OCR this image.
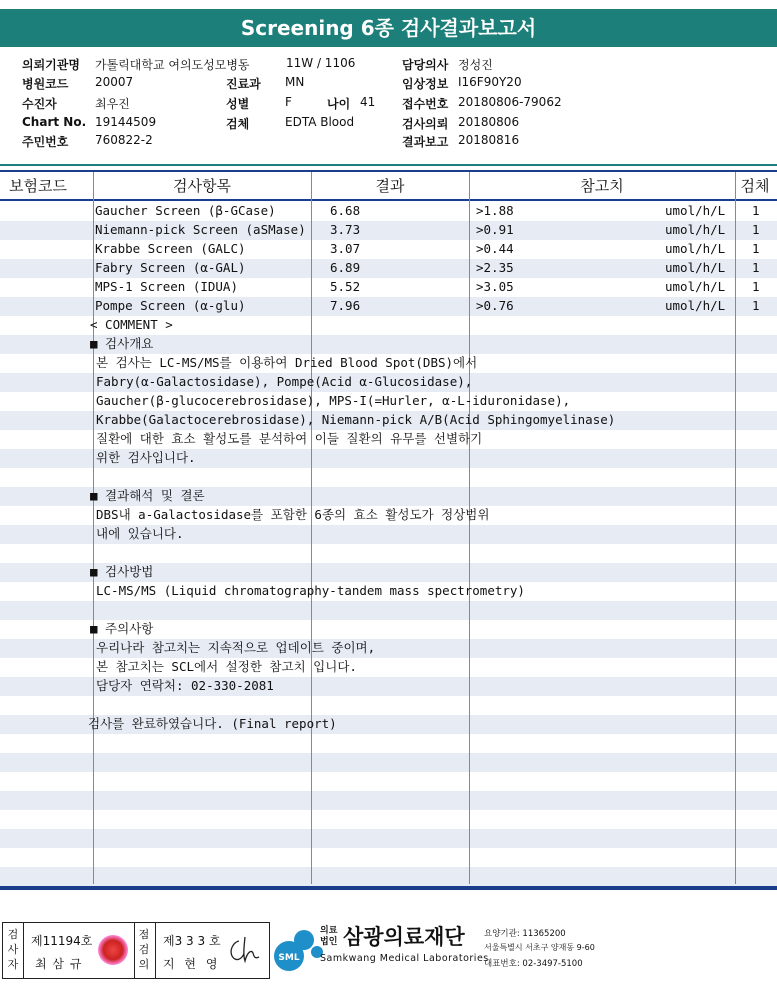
Screening 6종 검사결과보고서
의뢰기관명 가톨릭대학교 여의도성모병동
병원코드 20007
수진자	최우진
Chart No. 19144509
주민번호 760822-2
11W / 1106
진료과 MN
성별	F
검체	EDTA Blood
나이 41
담당의사 정성진
임상정보 I16F90Y20
접수번호 20180806-79062
검사의뢰 20180806
결과보고 20180816
보험코드	검사항목	결과	참고치	검체
Gaucher Screen (β-GCase)	6.68	>1.88	umol/h/L 1
Niemann-pick Screen (aSMase) 3.73	>0.91	umol/h/L 1
Krabbe Screen (GALC)	3.07	>0.44	umol/h/L 1
Fabry Screen (α-GAL)	6.89	>2.35	umol/h/L 1
MPS-1 Screen (IDUA)	5.52	>3.05	umol/h/L 1
Pompe Screen (α-glu)	7.96	>0.76	umol/h/L 1
< COMMENT >
■ 검사개요
본 검사는 LC-MS/MS를 이용하여 Dried Blood Spot(DBS)에서
Fabry(α-Galactosidase), Pompe(Acid α-Glucosidase),
Gaucher(β-glucocerebrosidase), MPS-I(=Hurler, α-L-iduronidase),
Krabbe(Galactocerebrosidase), Niemann-pick A/B(Acid Sphingomyelinase)
질환에 대한 효소 활성도를 분석하여 이들 질환의 유무를 선별하기
위한 검사입니다.
■ 결과해석 및 결론
DBS내 a-Galactosidase를 포함한 6종의 효소 활성도가 정상범위
내에 있습니다.
■ 검사방법
LC-MS/MS (Liquid chromatography-tandem mass spectrometry)
■ 주의사항
우리나라 참고치는 지속적으로 업데이트 중이며,
본 참고치는 SCL에서 설정한 참고치 입니다.
담당자 연락처: 02-330-2081
검사를 완료하였습니다. (Final report)
검사자
제11194호
최 삼 규
점검의
제3 3 3 호
지 현 영	SML
의료
법인 삼광의료재단
Samkwang Medical Laboratories
요양기관: 11365200
서울특별시 서초구 양재동 9-60
대표번호: 02-3497-5100
